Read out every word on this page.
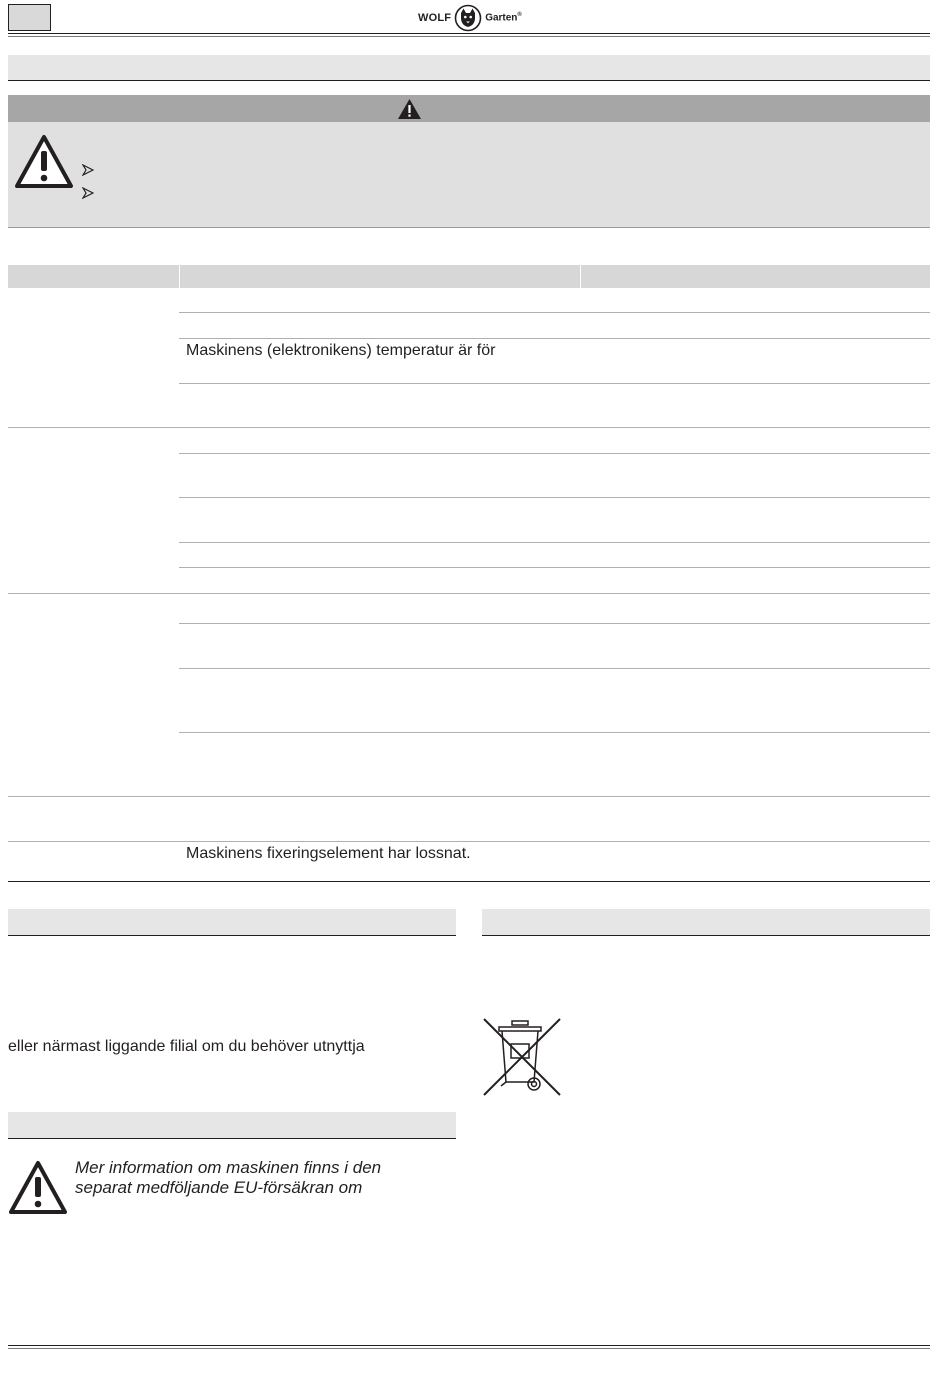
WOLF	Garten®
Maskinens (elektronikens) temperatur är för
Maskinens fixeringselement har lossnat.
eller närmast liggande filial om du behöver utnyttja
Mer information om maskinen finns i den
separat medföljande EU-försäkran om
